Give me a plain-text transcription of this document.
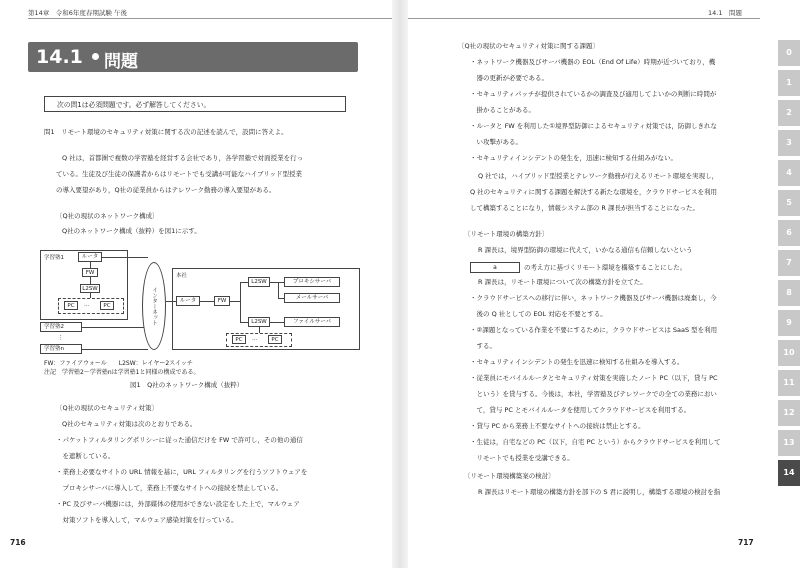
第14章　令和6年度春期試験 午後
14.1 問題
次の問1は必須問題です。必ず解答してください。
問1　リモート環境のセキュリティ対策に関する次の記述を読んで，設問に答えよ。
Q 社は，首都圏で複数の学習塾を経営する会社であり，各学習塾で対面授業を行っ
ている。生徒及び生徒の保護者からはリモートでも受講が可能なハイブリッド型授業
の導入要望があり，Q社の従業員からはテレワーク勤務の導入要望がある。
〔Q社の現状のネットワーク構成〕
Q社のネットワーク構成（抜粋）を図1に示す。
学習塾1	ルータ
FW
L2SW
PC	…	PC
学習塾2
⋮
学習塾n
インターネット
本社
ルータ	FW
L2SW
L2SW
プロキシサーバ
メールサーバ
ファイルサーバ
PC	…	PC
FW：ファイアウォール　　L2SW：レイヤー2スイッチ
注記　学習塾2～学習塾nは学習塾1と同様の構成である。
図1　Q社のネットワーク構成（抜粋）
〔Q社の現状のセキュリティ対策〕
Q社のセキュリティ対策は次のとおりである。
・パケットフィルタリングポリシーに従った通信だけを FW で許可し，その他の通信
　を遮断している。
・業務上必要なサイトの URL 情報を基に，URL フィルタリングを行うソフトウェアを
　プロキシサーバに導入して，業務上不要なサイトへの接続を禁止している。
・PC 及びサーバ機器には，外部媒体の使用ができない設定をした上で，マルウェア
　対策ソフトを導入して，マルウェア感染対策を行っている。
716
14.1　問題
〔Q社の現状のセキュリティ対策に関する課題〕
・ネットワーク機器及びサーバ機器の EOL（End Of Life）時期が近づいており，機
　器の更新が必要である。
・セキュリティパッチが提供されているかの調査及び適用してよいかの判断に時間が
　掛かることがある。
・ルータと FW を利用した①境界型防御によるセキュリティ対策では，防御しきれな
　い攻撃がある。
・セキュリティインシデントの発生を，迅速に検知する仕組みがない。
Q 社では，ハイブリッド型授業とテレワーク勤務が行えるリモート環境を実現し，
Q 社のセキュリティに関する課題を解決する新たな環境を，クラウドサービスを利用
して構築することになり，情報システム部の R 課長が担当することになった。
〔リモート環境の構築方針〕
R 課長は，境界型防御の環境に代えて，いかなる通信も信頼しないという
a	の考え方に基づくリモート環境を構築することにした。
R 課長は，リモート環境について次の構築方針を立てた。
・クラウドサービスへの移行に伴い，ネットワーク機器及びサーバ機器は廃棄し，今
　後の Q 社としての EOL 対応を不要とする。
・②課題となっている作業を不要にするために，クラウドサービスは SaaS 型を利用
　する。
・セキュリティインシデントの発生を迅速に検知する仕組みを導入する。
・従業員にモバイルルータとセキュリティ対策を実施したノート PC（以下，貸与 PC
　という）を貸与する。今後は，本社，学習塾及びテレワークでの全ての業務におい
　て，貸与 PC とモバイルルータを使用してクラウドサービスを利用する。
・貸与 PC から業務上不要なサイトへの接続は禁止とする。
・生徒は，自宅などの PC（以下，自宅 PC という）からクラウドサービスを利用して
　リモートでも授業を受講できる。
〔リモート環境構築案の検討〕
R 課長はリモート環境の構築方針を部下の S 君に説明し，構築する環境の検討を指
717
0
1
2
3
4
5
6
7
8
9
10
11
12
13
14
